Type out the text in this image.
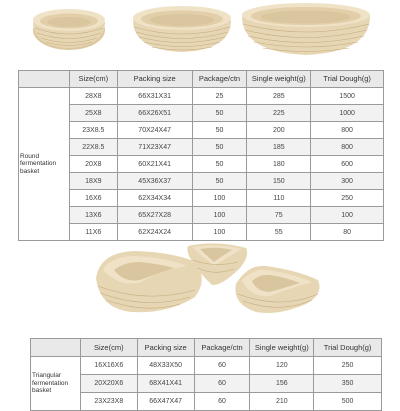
	Size(cm)	Packing size	Package/ctn	Single weight(g)	Trial Dough(g)

Round
fermentation
basket	28X8	66X31X31	25	285	1500
	25X8	66X26X51	50	225	1000
	23X8.5	70X24X47	50	200	800
	22X8.5	71X23X47	50	185	800
	20X8	60X21X41	50	180	600
	18X9	45X36X37	50	150	300
	16X6	62X34X34	100	110	250
	13X6	65X27X28	100	75	100
	11X6	62X24X24	100	55	80
	Size(cm)	Packing size	Package/ctn	Single weight(g)	Trial Dough(g)

Triangular
fermentation
basket	16X16X6	48X33X50	60	120	250
	20X20X6	68X41X41	60	156	350
	23X23X8	66X47X47	60	210	500
